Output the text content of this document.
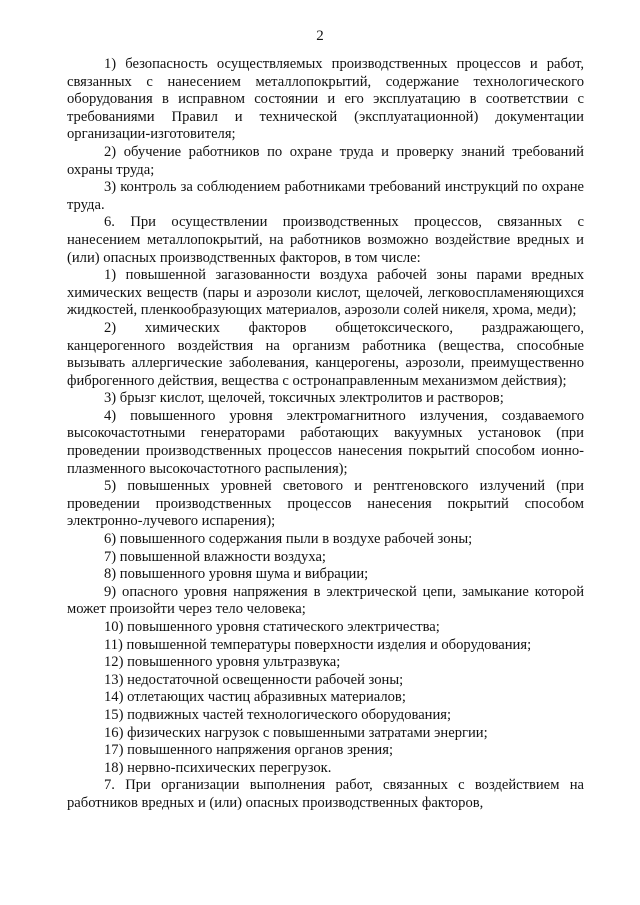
2

1) безопасность осуществляемых производственных процессов и работ, связанных с нанесением металлопокрытий, содержание технологического оборудования в исправном состоянии и его эксплуатацию в соответствии с требованиями Правил и технической (эксплуатационной) документации организации-изготовителя;

2) обучение работников по охране труда и проверку знаний требований охраны труда;

3) контроль за соблюдением работниками требований инструкций по охране труда.

6. При осуществлении производственных процессов, связанных с нанесением металлопокрытий, на работников возможно воздействие вредных и (или) опасных производственных факторов, в том числе:

1) повышенной загазованности воздуха рабочей зоны парами вредных химических веществ (пары и аэрозоли кислот, щелочей, легковоспламеняющихся жидкостей, пленкообразующих материалов, аэрозоли солей никеля, хрома, меди);

2) химических факторов общетоксического, раздражающего, канцерогенного воздействия на организм работника (вещества, способные вызывать аллергические заболевания, канцерогены, аэрозоли, преимущественно фиброгенного действия, вещества с остронаправленным механизмом действия);

3) брызг кислот, щелочей, токсичных электролитов и растворов;

4) повышенного уровня электромагнитного излучения, создаваемого высокочастотными генераторами работающих вакуумных установок (при проведении производственных процессов нанесения покрытий способом ионно-плазменного высокочастотного распыления);

5) повышенных уровней светового и рентгеновского излучений (при проведении производственных процессов нанесения покрытий способом электронно-лучевого испарения);

6) повышенного содержания пыли в воздухе рабочей зоны;

7) повышенной влажности воздуха;

8) повышенного уровня шума и вибрации;

9) опасного уровня напряжения в электрической цепи, замыкание которой может произойти через тело человека;

10) повышенного уровня статического электричества;

11) повышенной температуры поверхности изделия и оборудования;

12) повышенного уровня ультразвука;

13) недостаточной освещенности рабочей зоны;

14) отлетающих частиц абразивных материалов;

15) подвижных частей технологического оборудования;

16) физических нагрузок с повышенными затратами энергии;

17) повышенного напряжения органов зрения;

18) нервно-психических перегрузок.

7. При организации выполнения работ, связанных с воздействием на работников вредных и (или) опасных производственных факторов,
